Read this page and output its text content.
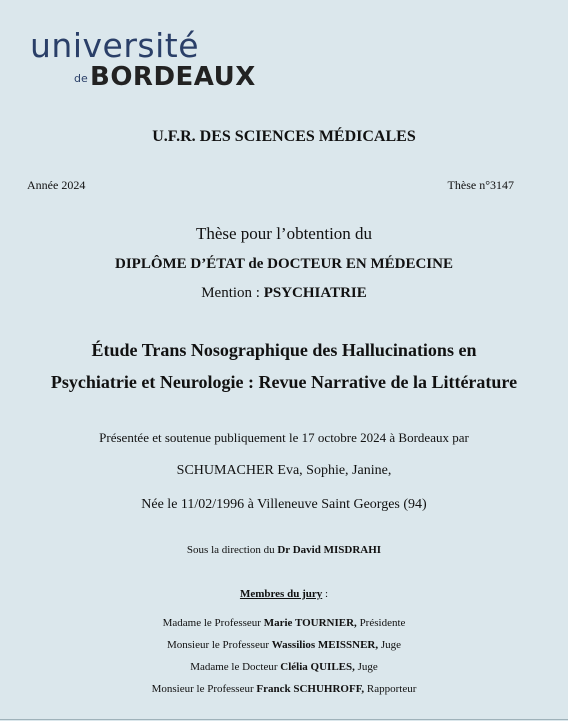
université
de BORDEAUX
U.F.R. DES SCIENCES MÉDICALES
Année 2024	Thèse n°3147
Thèse pour l’obtention du
DIPLÔME D’ÉTAT de DOCTEUR EN MÉDECINE
Mention : PSYCHIATRIE
Étude Trans Nosographique des Hallucinations en
Psychiatrie et Neurologie : Revue Narrative de la Littérature
Présentée et soutenue publiquement le 17 octobre 2024 à Bordeaux par
SCHUMACHER Eva, Sophie, Janine,
Née le 11/02/1996 à Villeneuve Saint Georges (94)
Sous la direction du Dr David MISDRAHI
Membres du jury :
Madame le Professeur Marie TOURNIER, Présidente
Monsieur le Professeur Wassilios MEISSNER, Juge
Madame le Docteur Clélia QUILES, Juge
Monsieur le Professeur Franck SCHUHROFF, Rapporteur
